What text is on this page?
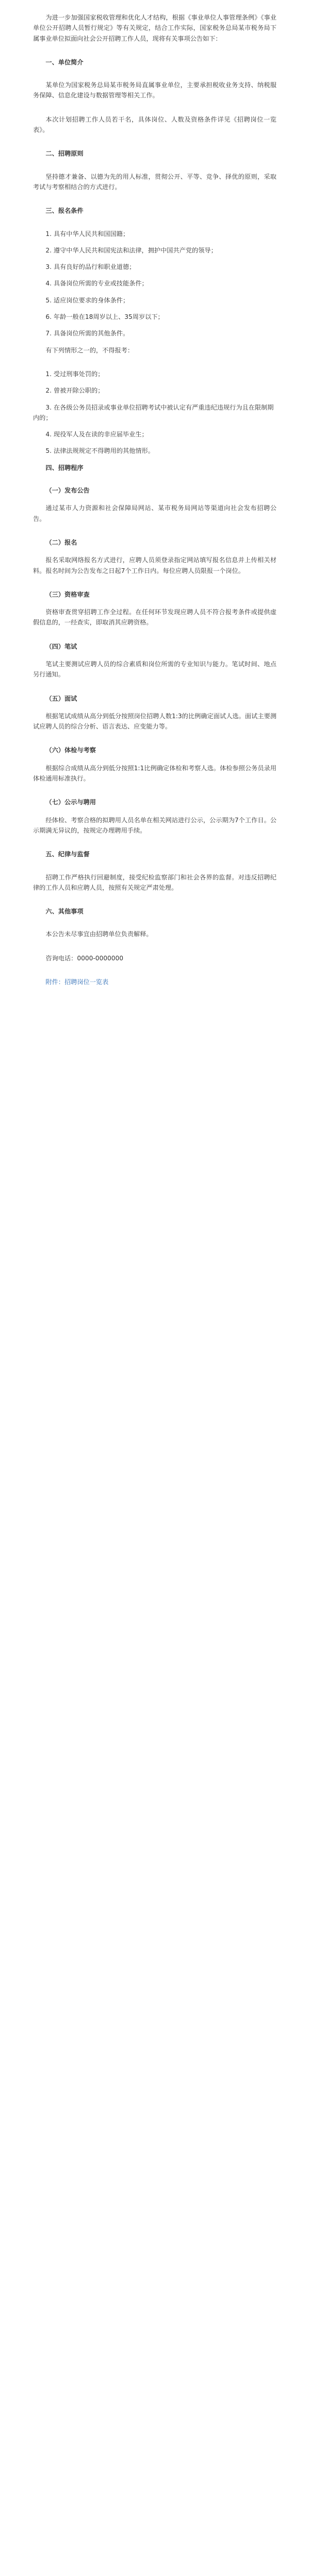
为进一步加强国家税收管理和优化人才结构，根据《事业单位人事管理条例》《事业单位公开招聘人员暂行规定》等有关规定，结合工作实际，国家税务总局某市税务局下属事业单位拟面向社会公开招聘工作人员，现将有关事项公告如下：

一、单位简介

某单位为国家税务总局某市税务局直属事业单位，主要承担税收业务支持、纳税服务保障、信息化建设与数据管理等相关工作。

本次计划招聘工作人员若干名，具体岗位、人数及资格条件详见《招聘岗位一览表》。

二、招聘原则

坚持德才兼备、以德为先的用人标准，贯彻公开、平等、竞争、择优的原则，采取考试与考察相结合的方式进行。

三、报名条件

1. 具有中华人民共和国国籍；

2. 遵守中华人民共和国宪法和法律，拥护中国共产党的领导；

3. 具有良好的品行和职业道德；

4. 具备岗位所需的专业或技能条件；

5. 适应岗位要求的身体条件；

6. 年龄一般在18周岁以上、35周岁以下；

7. 具备岗位所需的其他条件。

有下列情形之一的，不得报考：

1. 受过刑事处罚的；

2. 曾被开除公职的；

3. 在各级公务员招录或事业单位招聘考试中被认定有严重违纪违规行为且在限制期内的；

4. 现役军人及在读的非应届毕业生；

5. 法律法规规定不得聘用的其他情形。

四、招聘程序

（一）发布公告

通过某市人力资源和社会保障局网站、某市税务局网站等渠道向社会发布招聘公告。

（二）报名

报名采取网络报名方式进行，应聘人员须登录指定网站填写报名信息并上传相关材料。报名时间为公告发布之日起7个工作日内。每位应聘人员限报一个岗位。

（三）资格审查

资格审查贯穿招聘工作全过程。在任何环节发现应聘人员不符合报考条件或提供虚假信息的，一经查实，即取消其应聘资格。

（四）笔试

笔试主要测试应聘人员的综合素质和岗位所需的专业知识与能力。笔试时间、地点另行通知。

（五）面试

根据笔试成绩从高分到低分按照岗位招聘人数1:3的比例确定面试人选。面试主要测试应聘人员的综合分析、语言表达、应变能力等。

（六）体检与考察

根据综合成绩从高分到低分按照1:1比例确定体检和考察人选。体检参照公务员录用体检通用标准执行。

（七）公示与聘用

经体检、考察合格的拟聘用人员名单在相关网站进行公示，公示期为7个工作日。公示期满无异议的，按规定办理聘用手续。

五、纪律与监督

招聘工作严格执行回避制度，接受纪检监察部门和社会各界的监督。对违反招聘纪律的工作人员和应聘人员，按照有关规定严肃处理。

六、其他事项

本公告未尽事宜由招聘单位负责解释。

咨询电话：0000-0000000

附件：招聘岗位一览表
